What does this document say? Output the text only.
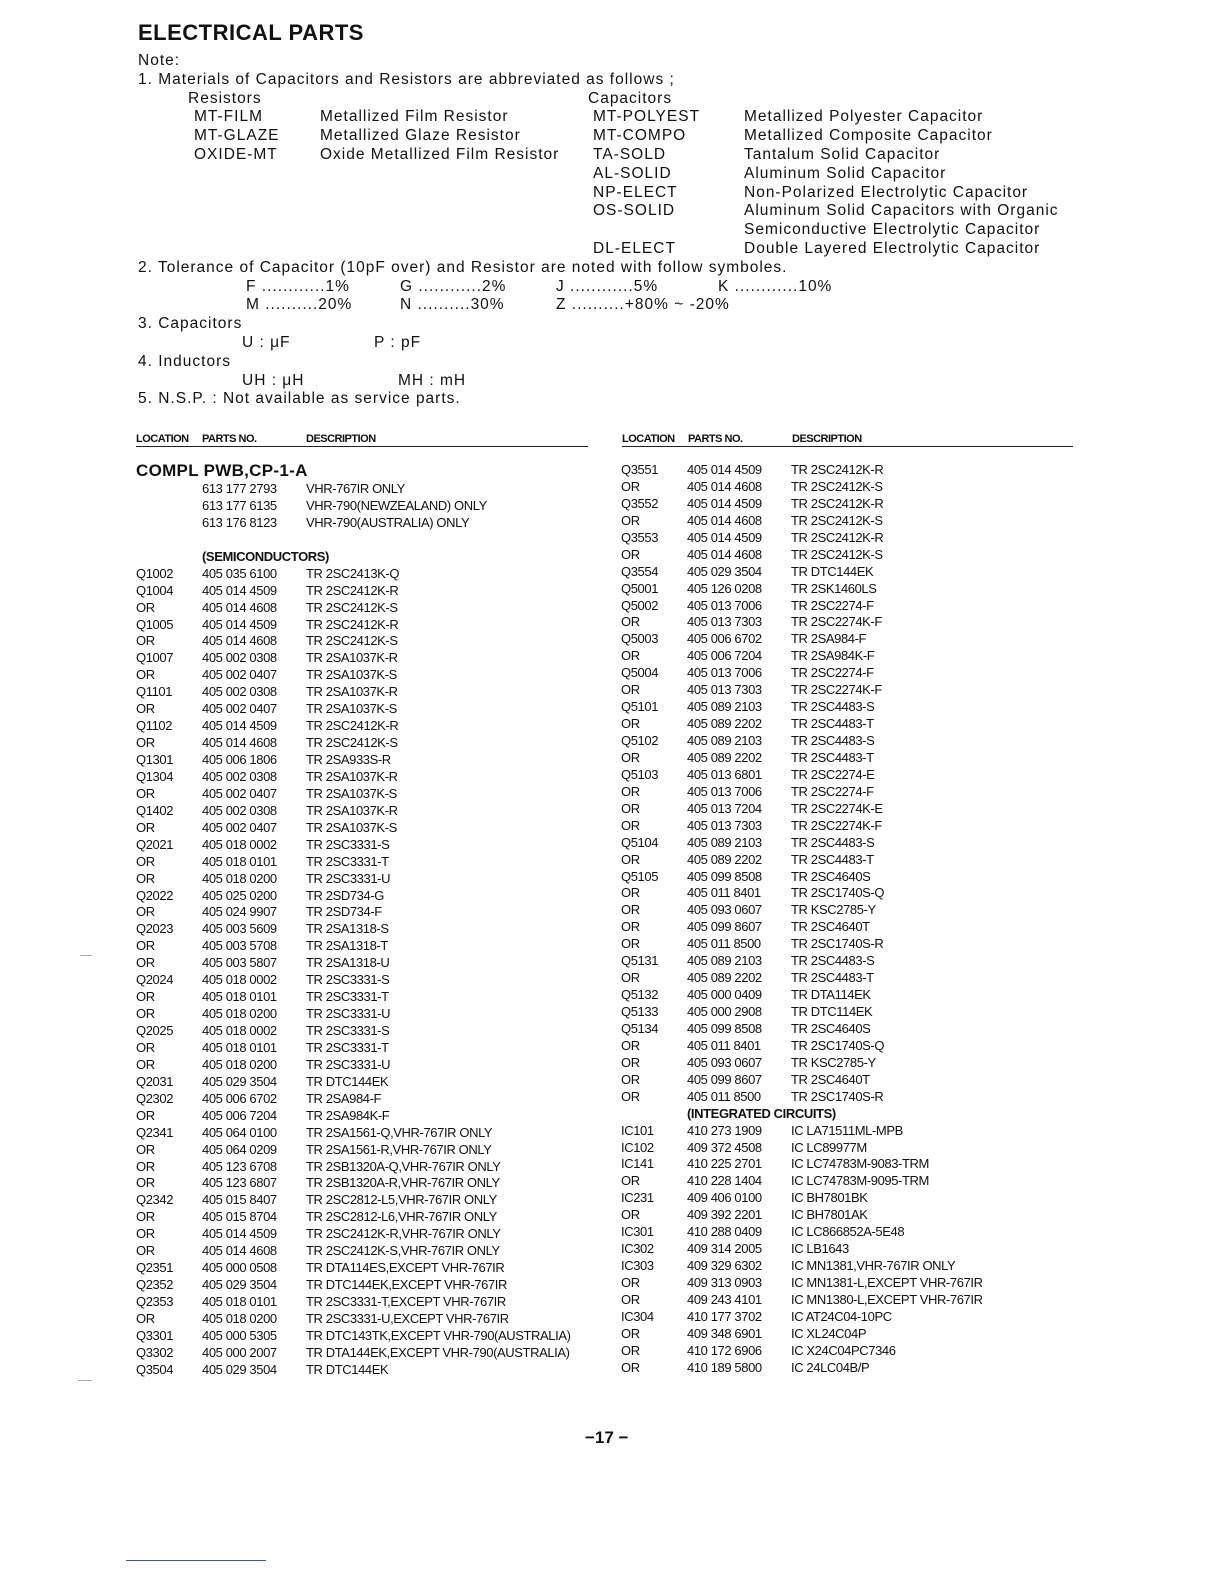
ELECTRICAL PARTS
Note:
1. Materials of Capacitors and Resistors are abbreviated as follows ;
Resistors	Capacitors
MT-FILM	Metallized Film Resistor	MT-POLYEST	Metallized Polyester Capacitor
MT-GLAZE	Metallized Glaze Resistor	MT-COMPO	Metallized Composite Capacitor
OXIDE-MT	Oxide Metallized Film Resistor TA-SOLD	Tantalum Solid Capacitor
AL-SOLID	Aluminum Solid Capacitor
NP-ELECT	Non-Polarized Electrolytic Capacitor
OS-SOLID	Aluminum Solid Capacitors with Organic
Semiconductive Electrolytic Capacitor
DL-ELECT	Double Layered Electrolytic Capacitor
2. Tolerance of Capacitor (10pF over) and Resistor are noted with follow symboles.
F ............1%	G ............2%	J ............5%	K ............10%
M ..........20%	N ..........30%	Z ..........+80% ~ -20%
3. Capacitors
U : μF	P : pF
4. Inductors
UH : μH	MH : mH
5. N.S.P. : Not available as service parts.
LOCATION PARTS NO.	DESCRIPTION	LOCATION PARTS NO.	DESCRIPTION
COMPL PWB,CP-1-A
613 177 2793 VHR-767IR ONLY
613 177 6135 VHR-790(NEWZEALAND) ONLY
613 176 8123 VHR-790(AUSTRALIA) ONLY
(SEMICONDUCTORS)
Q1002 405 035 6100 TR 2SC2413K-Q
Q1004 405 014 4509 TR 2SC2412K-R
OR	405 014 4608 TR 2SC2412K-S
Q1005 405 014 4509 TR 2SC2412K-R
OR	405 014 4608 TR 2SC2412K-S
Q1007 405 002 0308 TR 2SA1037K-R
OR	405 002 0407 TR 2SA1037K-S
Q1101 405 002 0308 TR 2SA1037K-R
OR	405 002 0407 TR 2SA1037K-S
Q1102 405 014 4509 TR 2SC2412K-R
OR	405 014 4608 TR 2SC2412K-S
Q1301 405 006 1806 TR 2SA933S-R
Q1304 405 002 0308 TR 2SA1037K-R
OR	405 002 0407 TR 2SA1037K-S
Q1402 405 002 0308 TR 2SA1037K-R
OR	405 002 0407 TR 2SA1037K-S
Q2021 405 018 0002 TR 2SC3331-S
OR	405 018 0101 TR 2SC3331-T
OR	405 018 0200 TR 2SC3331-U
Q2022 405 025 0200 TR 2SD734-G
OR	405 024 9907 TR 2SD734-F
Q2023 405 003 5609 TR 2SA1318-S
OR	405 003 5708 TR 2SA1318-T
OR	405 003 5807 TR 2SA1318-U
Q2024 405 018 0002 TR 2SC3331-S
OR	405 018 0101 TR 2SC3331-T
OR	405 018 0200 TR 2SC3331-U
Q2025 405 018 0002 TR 2SC3331-S
OR	405 018 0101 TR 2SC3331-T
OR	405 018 0200 TR 2SC3331-U
Q2031 405 029 3504 TR DTC144EK
Q2302 405 006 6702 TR 2SA984-F
OR	405 006 7204 TR 2SA984K-F
Q2341 405 064 0100 TR 2SA1561-Q,VHR-767IR ONLY
OR	405 064 0209 TR 2SA1561-R,VHR-767IR ONLY
OR	405 123 6708 TR 2SB1320A-Q,VHR-767IR ONLY
OR	405 123 6807 TR 2SB1320A-R,VHR-767IR ONLY
Q2342 405 015 8407 TR 2SC2812-L5,VHR-767IR ONLY
OR	405 015 8704 TR 2SC2812-L6,VHR-767IR ONLY
OR	405 014 4509 TR 2SC2412K-R,VHR-767IR ONLY
OR	405 014 4608 TR 2SC2412K-S,VHR-767IR ONLY
Q2351 405 000 0508 TR DTA114ES,EXCEPT VHR-767IR
Q2352 405 029 3504 TR DTC144EK,EXCEPT VHR-767IR
Q2353 405 018 0101 TR 2SC3331-T,EXCEPT VHR-767IR
OR	405 018 0200 TR 2SC3331-U,EXCEPT VHR-767IR
Q3301 405 000 5305 TR DTC143TK,EXCEPT VHR-790(AUSTRALIA)
Q3302 405 000 2007 TR DTA144EK,EXCEPT VHR-790(AUSTRALIA)
Q3504 405 029 3504 TR DTC144EK
Q3551 405 014 4509 TR 2SC2412K-R
OR	405 014 4608 TR 2SC2412K-S
Q3552 405 014 4509 TR 2SC2412K-R
OR	405 014 4608 TR 2SC2412K-S
Q3553 405 014 4509 TR 2SC2412K-R
OR	405 014 4608 TR 2SC2412K-S
Q3554 405 029 3504 TR DTC144EK
Q5001 405 126 0208 TR 2SK1460LS
Q5002 405 013 7006 TR 2SC2274-F
OR	405 013 7303 TR 2SC2274K-F
Q5003 405 006 6702 TR 2SA984-F
OR	405 006 7204 TR 2SA984K-F
Q5004 405 013 7006 TR 2SC2274-F
OR	405 013 7303 TR 2SC2274K-F
Q5101 405 089 2103 TR 2SC4483-S
OR	405 089 2202 TR 2SC4483-T
Q5102 405 089 2103 TR 2SC4483-S
OR	405 089 2202 TR 2SC4483-T
Q5103 405 013 6801 TR 2SC2274-E
OR	405 013 7006 TR 2SC2274-F
OR	405 013 7204 TR 2SC2274K-E
OR	405 013 7303 TR 2SC2274K-F
Q5104 405 089 2103 TR 2SC4483-S
OR	405 089 2202 TR 2SC4483-T
Q5105 405 099 8508 TR 2SC4640S
OR	405 011 8401 TR 2SC1740S-Q
OR	405 093 0607 TR KSC2785-Y
OR	405 099 8607 TR 2SC4640T
OR	405 011 8500 TR 2SC1740S-R
Q5131 405 089 2103 TR 2SC4483-S
OR	405 089 2202 TR 2SC4483-T
Q5132 405 000 0409 TR DTA114EK
Q5133 405 000 2908 TR DTC114EK
Q5134 405 099 8508 TR 2SC4640S
OR	405 011 8401 TR 2SC1740S-Q
OR	405 093 0607 TR KSC2785-Y
OR	405 099 8607 TR 2SC4640T
OR	405 011 8500 TR 2SC1740S-R
(INTEGRATED CIRCUITS)
IC101	410 273 1909 IC LA71511ML-MPB
IC102	409 372 4508 IC LC89977M
IC141	410 225 2701 IC LC74783M-9083-TRM
OR	410 228 1404 IC LC74783M-9095-TRM
IC231	409 406 0100 IC BH7801BK
OR	409 392 2201 IC BH7801AK
IC301	410 288 0409 IC LC866852A-5E48
IC302	409 314 2005 IC LB1643
IC303	409 329 6302 IC MN1381,VHR-767IR ONLY
OR	409 313 0903 IC MN1381-L,EXCEPT VHR-767IR
OR	409 243 4101 IC MN1380-L,EXCEPT VHR-767IR
IC304	410 177 3702 IC AT24C04-10PC
OR	409 348 6901 IC XL24C04P
OR	410 172 6906 IC X24C04PC7346
OR	410 189 5800 IC 24LC04B/P
−17 −
